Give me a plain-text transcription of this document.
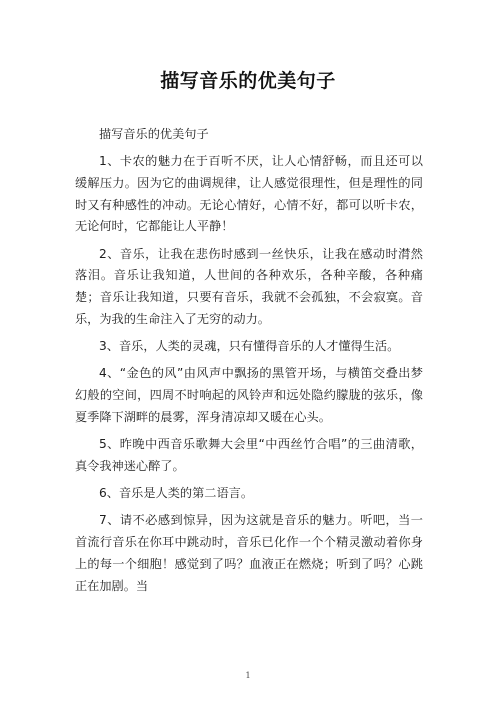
描写音乐的优美句子

描写音乐的优美句子

1、卡农的魅力在于百听不厌，让人心情舒畅，而且还可以缓解压力。因为它的曲调规律，让人感觉很理性，但是理性的同时又有种感性的冲动。无论心情好，心情不好，都可以听卡农，无论何时，它都能让人平静！

2、音乐，让我在悲伤时感到一丝快乐，让我在感动时潸然落泪。音乐让我知道，人世间的各种欢乐，各种辛酸，各种痛楚；音乐让我知道，只要有音乐，我就不会孤独，不会寂寞。音乐，为我的生命注入了无穷的动力。

3、音乐，人类的灵魂，只有懂得音乐的人才懂得生活。

4、“金色的风”由风声中飘扬的黑管开场，与横笛交叠出梦幻般的空间，四周不时响起的风铃声和远处隐约朦胧的弦乐，像夏季降下湖畔的晨雾，浑身清凉却又暖在心头。

5、昨晚中西音乐歌舞大会里“中西丝竹合唱”的三曲清歌，真令我神迷心醉了。

6、音乐是人类的第二语言。

7、请不必感到惊异，因为这就是音乐的魅力。听吧，当一首流行音乐在你耳中跳动时，音乐已化作一个个精灵激动着你身上的每一个细胞！感觉到了吗？血液正在燃烧；听到了吗？心跳正在加剧。当

1
